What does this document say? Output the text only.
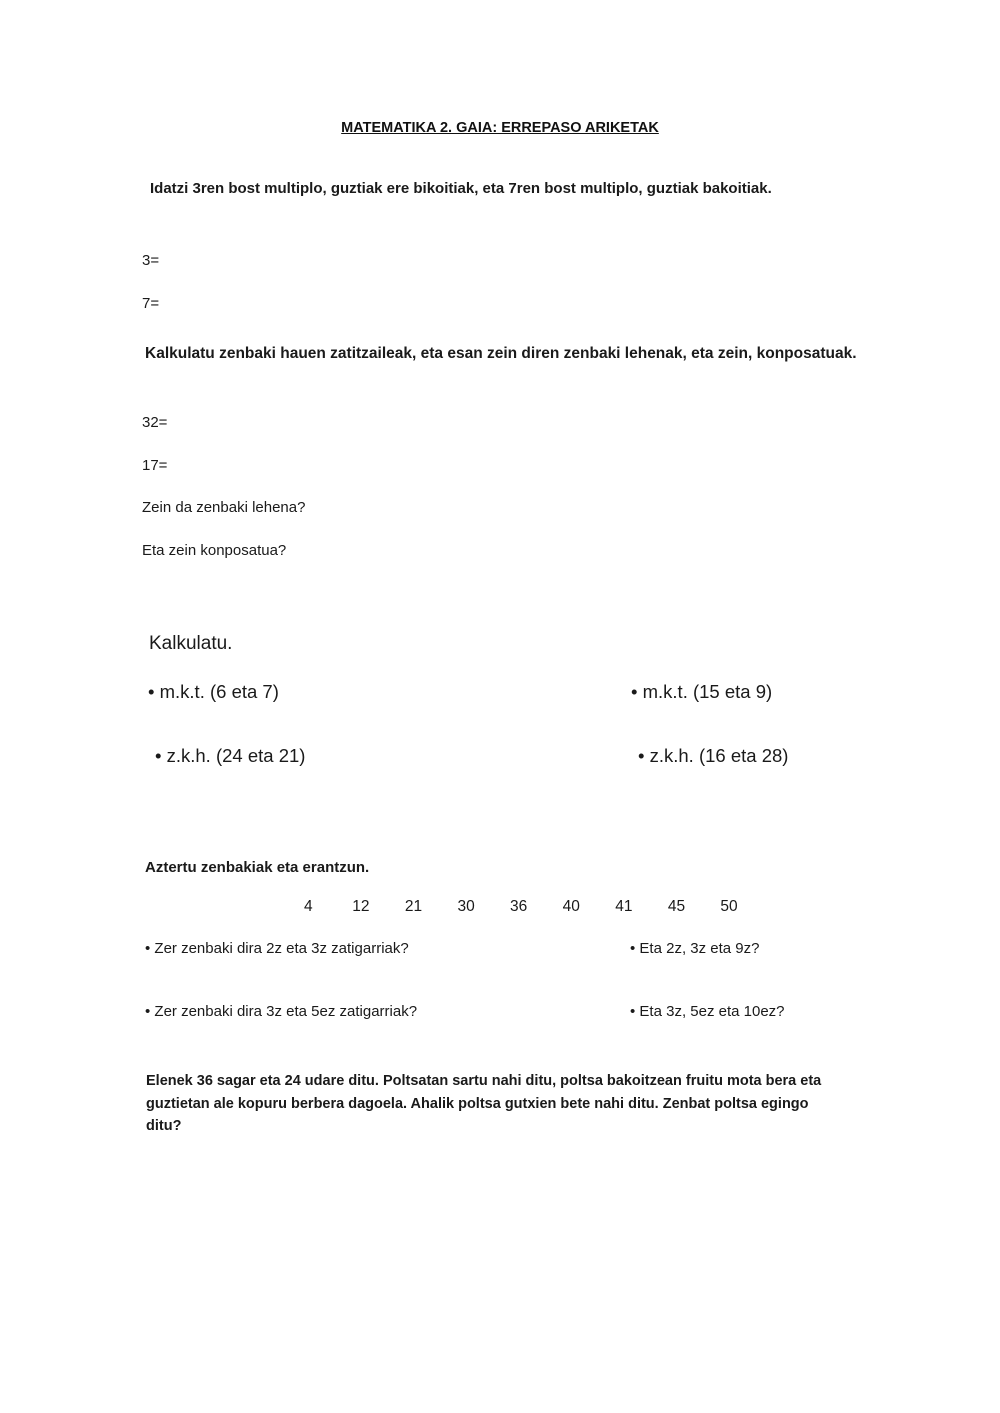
MATEMATIKA 2. GAIA: ERREPASO ARIKETAK
Idatzi 3ren bost multiplo, guztiak ere bikoitiak, eta 7ren bost multiplo, guztiak bakoitiak.
3=
7=
Kalkulatu zenbaki hauen zatitzaileak, eta esan zein diren zenbaki lehenak, eta zein, konposatuak.
32=
17=
Zein da zenbaki lehena?
Eta zein konposatua?
Kalkulatu.
• m.k.t. (6 eta 7)	• m.k.t. (15 eta 9)
• z.k.h. (24 eta 21)	• z.k.h. (16 eta 28)
Aztertu zenbakiak eta erantzun.
4	12	21	30	36	40	41	45	50
• Zer zenbaki dira 2z eta 3z zatigarriak?	• Eta 2z, 3z eta 9z?
• Zer zenbaki dira 3z eta 5ez zatigarriak?	• Eta 3z, 5ez eta 10ez?
Elenek 36 sagar eta 24 udare ditu. Poltsatan sartu nahi ditu, poltsa bakoitzean fruitu mota bera eta guztietan ale kopuru berbera dagoela. Ahalik poltsa gutxien bete nahi ditu. Zenbat poltsa egingo ditu?
